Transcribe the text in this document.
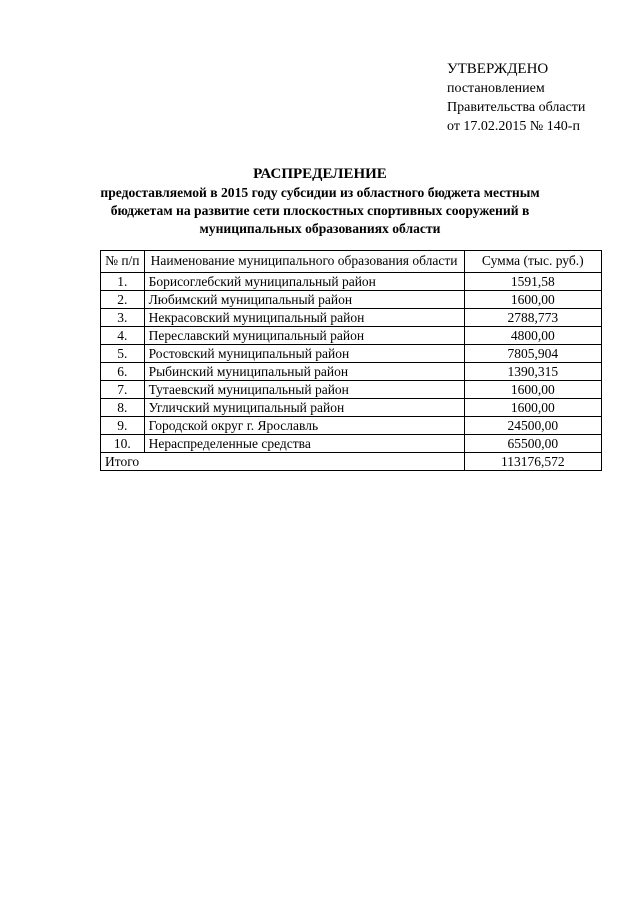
УТВЕРЖДЕНО
постановлением
Правительства области
от 17.02.2015 № 140-п
РАСПРЕДЕЛЕНИЕ
предоставляемой в 2015 году субсидии из областного бюджета местным бюджетам на развитие сети плоскостных спортивных сооружений в муниципальных образованиях области
№ п/п	Наименование муниципального образования области	Сумма (тыс. руб.)
1.	Борисоглебский муниципальный район	1591,58
2.	Любимский муниципальный район	1600,00
3.	Некрасовский муниципальный район	2788,773
4.	Переславский муниципальный район	4800,00
5.	Ростовский муниципальный район	7805,904
6.	Рыбинский муниципальный район	1390,315
7.	Тутаевский муниципальный район	1600,00
8.	Угличский муниципальный район	1600,00
9.	Городской округ г. Ярославль	24500,00
10.	Нераспределенные средства	65500,00
Итого		113176,572
